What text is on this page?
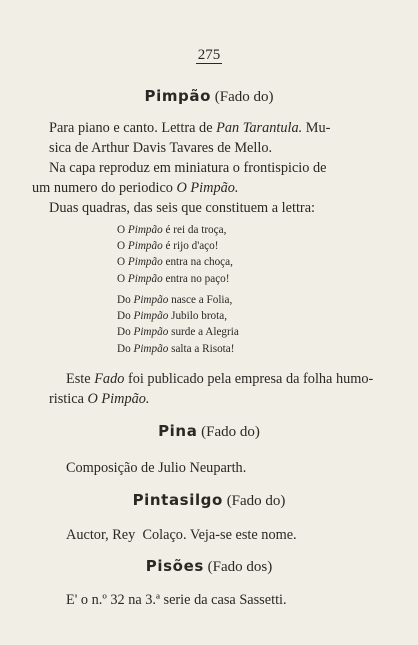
275
Pimpão (Fado do)
Para piano e canto. Lettra de Pan Tarantula. Mu-
sica de Arthur Davis Tavares de Mello.
Na capa reproduz em miniatura o frontispicio de
um numero do periodico O Pimpão.
Duas quadras, das seis que constituem a lettra:
O Pimpão é rei da troça,
O Pimpão é rijo d'aço!
O Pimpão entra na choça,
O Pimpão entra no paço!
Do Pimpão nasce a Folia,
Do Pimpão Jubilo brota,
Do Pimpão surde a Alegria
Do Pimpão salta a Risota!
Este Fado foi publicado pela empresa da folha humo-
ristica O Pimpão.
Pina (Fado do)
Composição de Julio Neuparth.
Pintasilgo (Fado do)
Auctor, Rey  Colaço. Veja-se este nome.
Pisões (Fado dos)
E' o n.º 32 na 3.ª serie da casa Sassetti.
